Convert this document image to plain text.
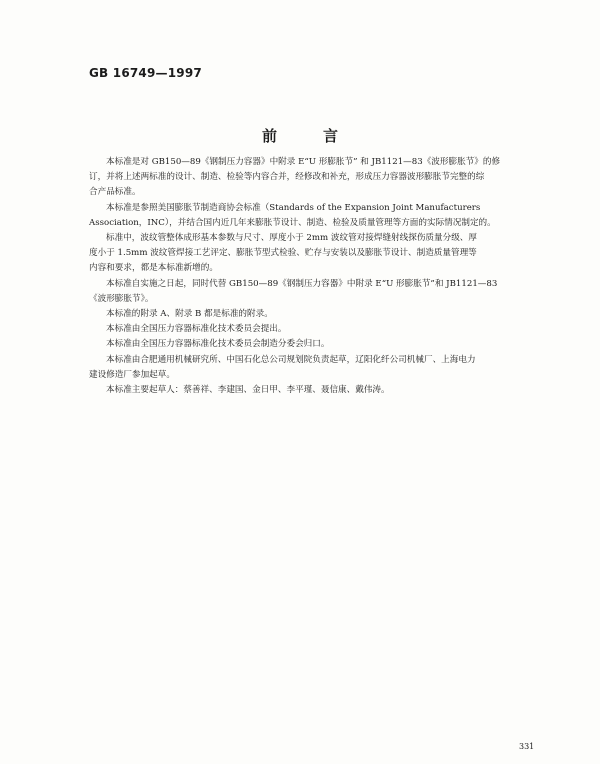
GB 16749—1997
前	言

本标准是对 GB150—89《钢制压力容器》中附录 E“U 形膨胀节” 和 JB1121—83《波形膨胀节》的修
订，并将上述两标准的设计、制造、检验等内容合并，经修改和补充，形成压力容器波形膨胀节完整的综
合产品标准。

本标准是参照美国膨胀节制造商协会标准（Standards of the Expansion Joint Manufacturers
Association，INC），并结合国内近几年来膨胀节设计、制造、检验及质量管理等方面的实际情况制定的。

标准中，波纹管整体成形基本参数与尺寸、厚度小于 2mm 波纹管对接焊缝射线探伤质量分级、厚
度小于 1.5mm 波纹管焊接工艺评定、膨胀节型式检验、贮存与安装以及膨胀节设计、制造质量管理等
内容和要求，都是本标准新增的。

本标准自实施之日起，同时代替 GB150—89《钢制压力容器》中附录 E“U 形膨胀节”和 JB1121—83
《波形膨胀节》。

本标准的附录 A、附录 B 都是标准的附录。

本标准由全国压力容器标准化技术委员会提出。

本标准由全国压力容器标准化技术委员会制造分委会归口。

本标准由合肥通用机械研究所、中国石化总公司规划院负责起草，辽阳化纤公司机械厂、上海电力
建设修造厂参加起草。

本标准主要起草人：蔡善祥、李建国、金日甲、李平瑾、聂信康、戴伟涛。

331
